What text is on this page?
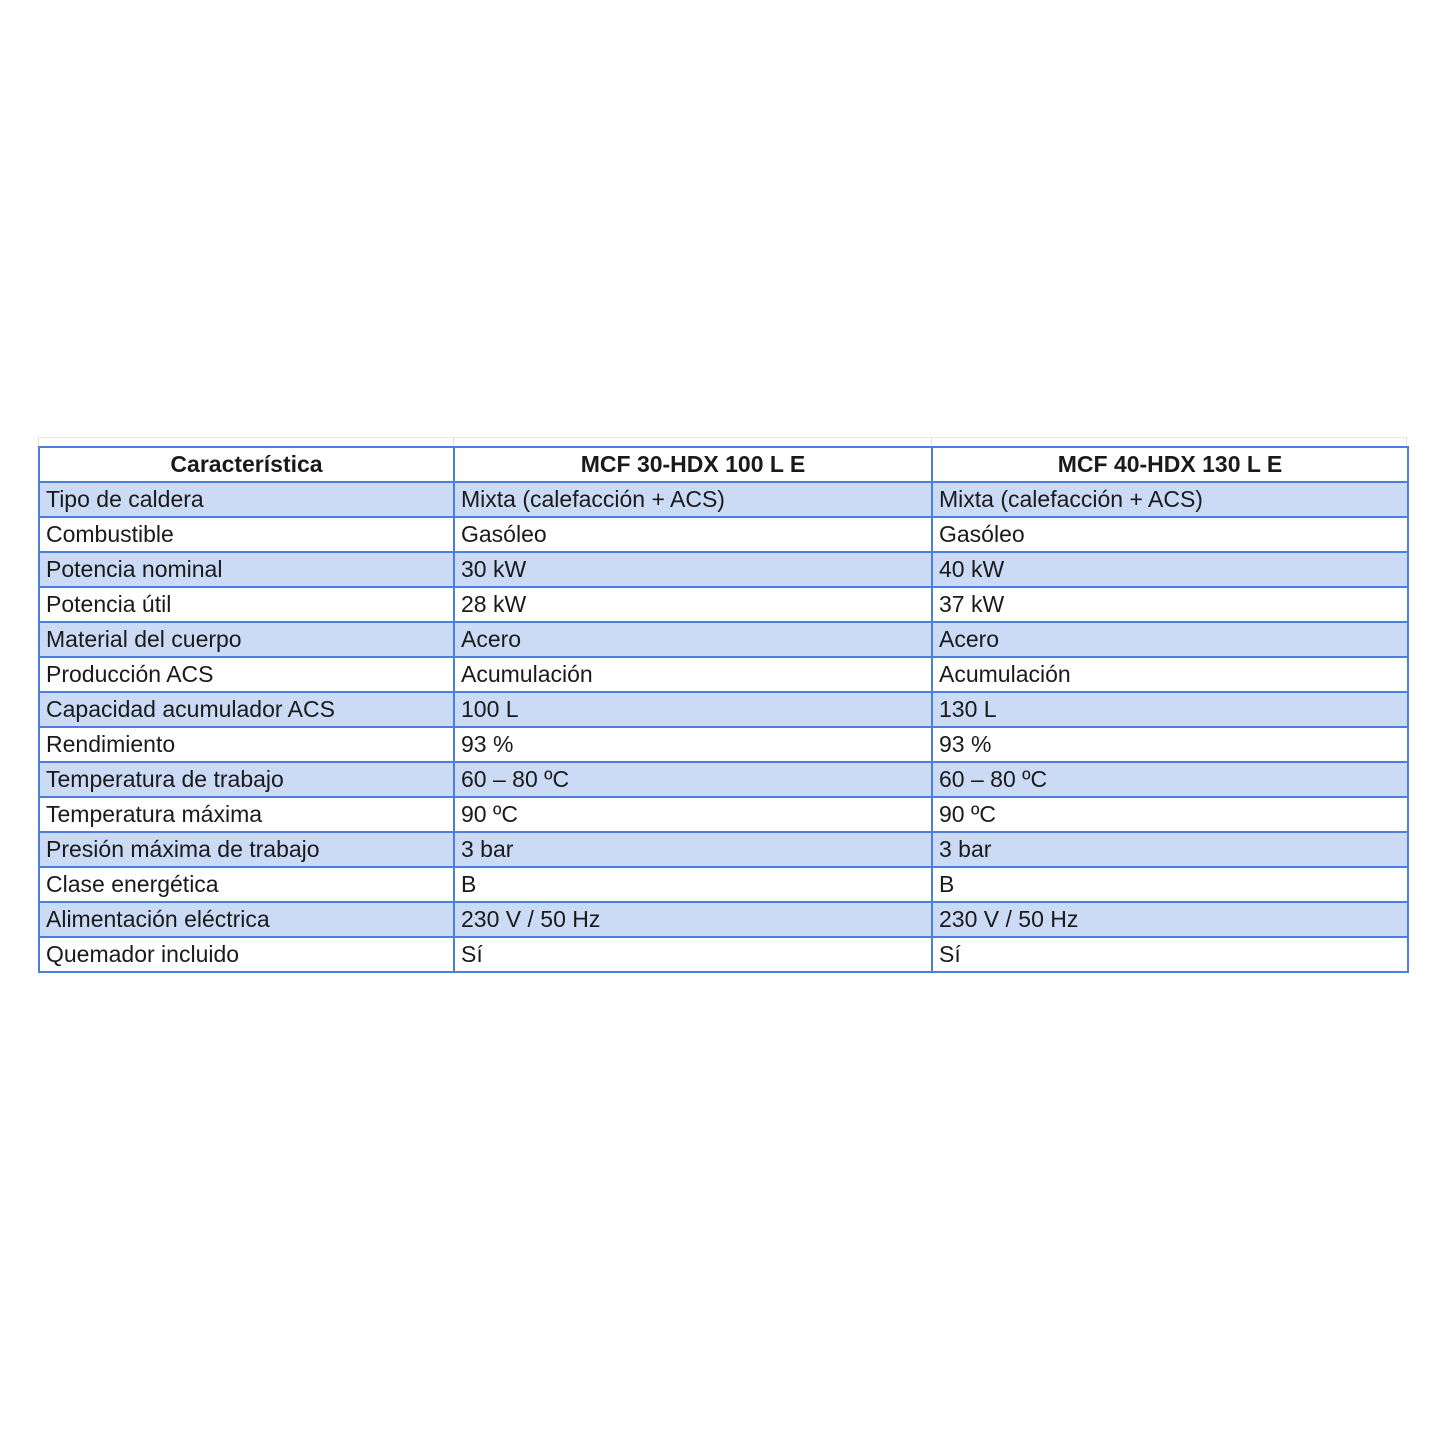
Característica	MCF 30-HDX 100 L E	MCF 40-HDX 130 L E
Tipo de caldera	Mixta (calefacción + ACS)	Mixta (calefacción + ACS)
Combustible	Gasóleo	Gasóleo
Potencia nominal	30 kW	40 kW
Potencia útil	28 kW	37 kW
Material del cuerpo	Acero	Acero
Producción ACS	Acumulación	Acumulación
Capacidad acumulador ACS	100 L	130 L
Rendimiento	93 %	93 %
Temperatura de trabajo	60 – 80 ºC	60 – 80 ºC
Temperatura máxima	90 ºC	90 ºC
Presión máxima de trabajo	3 bar	3 bar
Clase energética	B	B
Alimentación eléctrica	230 V / 50 Hz	230 V / 50 Hz
Quemador incluido	Sí	Sí
